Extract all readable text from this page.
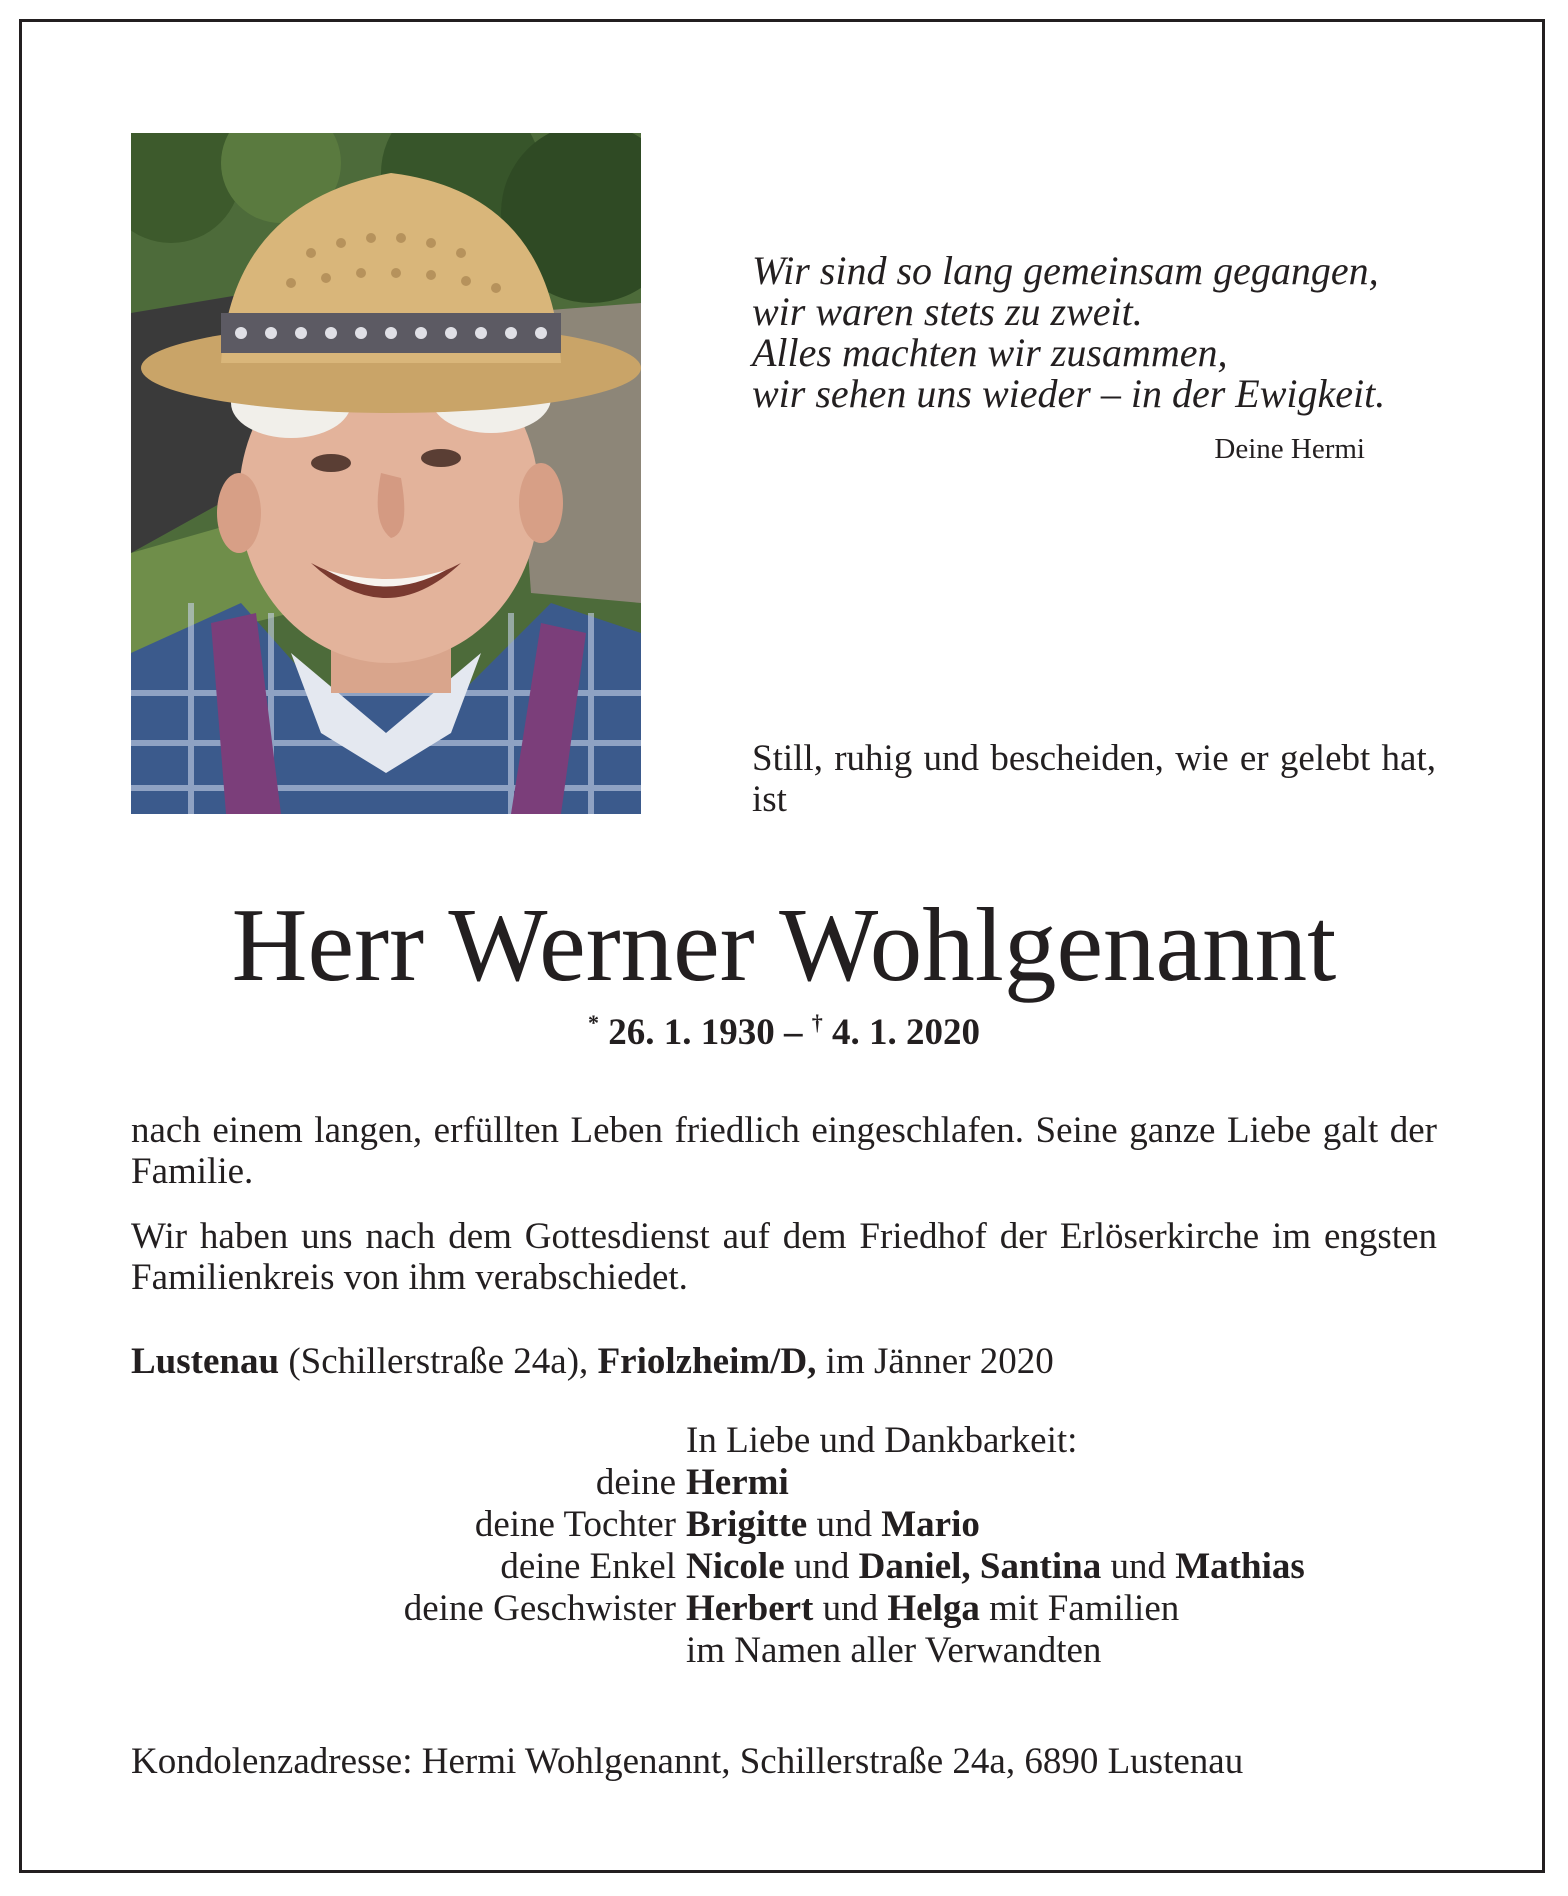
Wir sind so lang gemeinsam gegangen,
wir waren stets zu zweit.
Alles machten wir zusammen,
wir sehen uns wieder – in der Ewigkeit.
Deine Hermi
Still, ruhig und bescheiden, wie er gelebt hat, ist
Herr Werner Wohlgenannt
* 26. 1. 1930 – † 4. 1. 2020
nach einem langen, erfüllten Leben friedlich eingeschlafen. Seine ganze Liebe galt der Familie.
Wir haben uns nach dem Gottesdienst auf dem Friedhof der Erlöserkirche im engsten Familienkreis von ihm verabschiedet.
Lustenau (Schillerstraße 24a), Friolzheim/D, im Jänner 2020
In Liebe und Dankbarkeit:
deine Hermi
deine Tochter Brigitte und Mario
deine Enkel Nicole und Daniel, Santina und Mathias
deine Geschwister Herbert und Helga mit Familien
im Namen aller Verwandten
Kondolenzadresse: Hermi Wohlgenannt, Schillerstraße 24a, 6890 Lustenau
